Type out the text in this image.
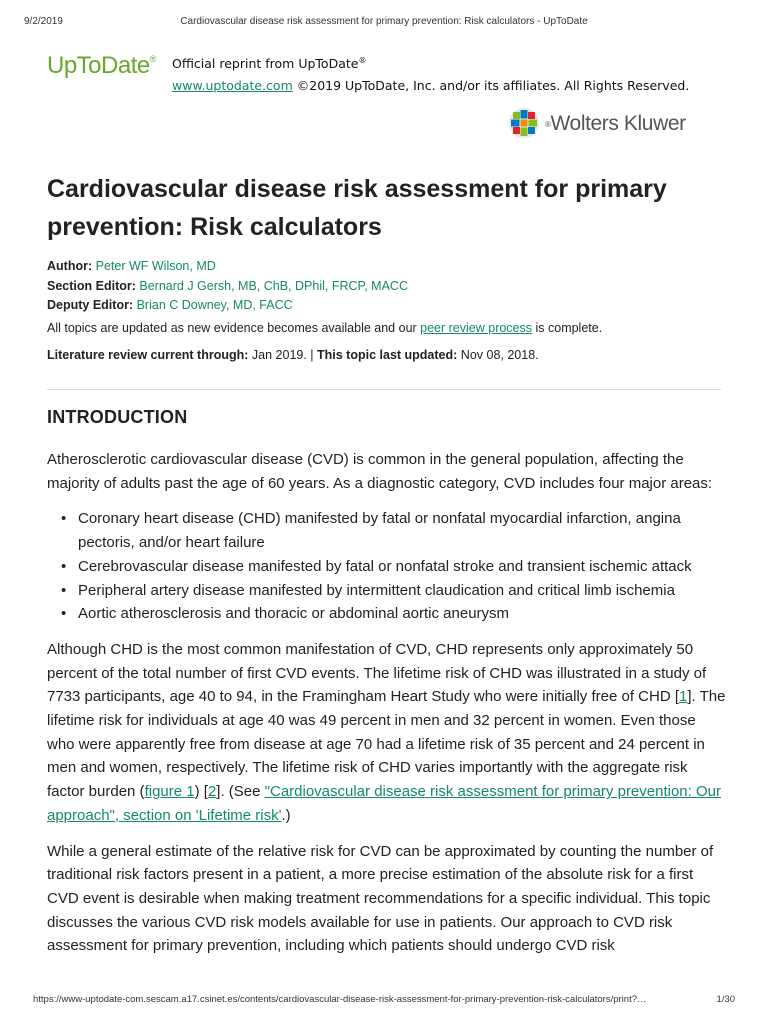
9/2/2019	Cardiovascular disease risk assessment for primary prevention: Risk calculators - UpToDate
UpToDate® Official reprint from UpToDate®
www.uptodate.com ©2019 UpToDate, Inc. and/or its affiliates. All Rights Reserved.
®Wolters Kluwer
Cardiovascular disease risk assessment for primary prevention: Risk calculators
Author: Peter WF Wilson, MD
Section Editor: Bernard J Gersh, MB, ChB, DPhil, FRCP, MACC
Deputy Editor: Brian C Downey, MD, FACC
All topics are updated as new evidence becomes available and our peer review process is complete.
Literature review current through: Jan 2019. | This topic last updated: Nov 08, 2018.
INTRODUCTION

Atherosclerotic cardiovascular disease (CVD) is common in the general population, affecting the majority of adults past the age of 60 years. As a diagnostic category, CVD includes four major areas:

• Coronary heart disease (CHD) manifested by fatal or nonfatal myocardial infarction, angina pectoris, and/or heart failure
• Cerebrovascular disease manifested by fatal or nonfatal stroke and transient ischemic attack
• Peripheral artery disease manifested by intermittent claudication and critical limb ischemia
• Aortic atherosclerosis and thoracic or abdominal aortic aneurysm

Although CHD is the most common manifestation of CVD, CHD represents only approximately 50 percent of the total number of first CVD events. The lifetime risk of CHD was illustrated in a study of 7733 participants, age 40 to 94, in the Framingham Heart Study who were initially free of CHD [1]. The lifetime risk for individuals at age 40 was 49 percent in men and 32 percent in women. Even those who were apparently free from disease at age 70 had a lifetime risk of 35 percent and 24 percent in men and women, respectively. The lifetime risk of CHD varies importantly with the aggregate risk factor burden (figure 1) [2]. (See "Cardiovascular disease risk assessment for primary prevention: Our approach", section on 'Lifetime risk'.)

While a general estimate of the relative risk for CVD can be approximated by counting the number of traditional risk factors present in a patient, a more precise estimation of the absolute risk for a first CVD event is desirable when making treatment recommendations for a specific individual. This topic discusses the various CVD risk models available for use in patients. Our approach to CVD risk assessment for primary prevention, including which patients should undergo CVD risk

https://www-uptodate-com.sescam.a17.csinet.es/contents/cardiovascular-disease-risk-assessment-for-primary-prevention-risk-calculators/print?…	1/30
